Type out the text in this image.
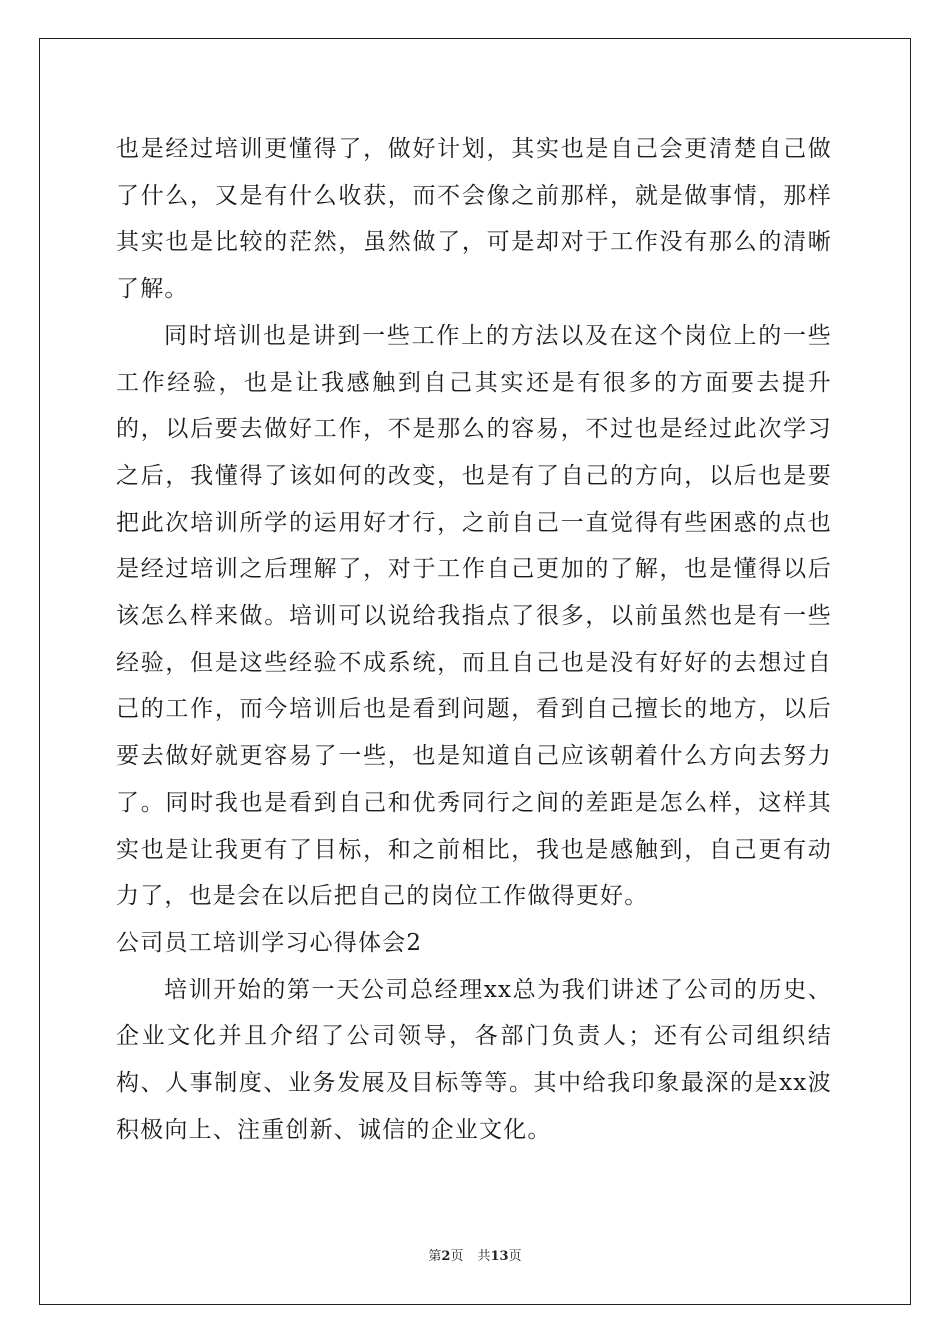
也是经过培训更懂得了，做好计划，其实也是自己会更清楚自己做了什么，又是有什么收获，而不会像之前那样，就是做事情，那样其实也是比较的茫然，虽然做了，可是却对于工作没有那么的清晰了解。

同时培训也是讲到一些工作上的方法以及在这个岗位上的一些工作经验，也是让我感触到自己其实还是有很多的方面要去提升的，以后要去做好工作，不是那么的容易，不过也是经过此次学习之后，我懂得了该如何的改变，也是有了自己的方向，以后也是要把此次培训所学的运用好才行，之前自己一直觉得有些困惑的点也是经过培训之后理解了，对于工作自己更加的了解，也是懂得以后该怎么样来做。培训可以说给我指点了很多，以前虽然也是有一些经验，但是这些经验不成系统，而且自己也是没有好好的去想过自己的工作，而今培训后也是看到问题，看到自己擅长的地方，以后要去做好就更容易了一些，也是知道自己应该朝着什么方向去努力了。同时我也是看到自己和优秀同行之间的差距是怎么样，这样其实也是让我更有了目标，和之前相比，我也是感触到，自己更有动力了，也是会在以后把自己的岗位工作做得更好。

公司员工培训学习心得体会2

培训开始的第一天公司总经理xx总为我们讲述了公司的历史、企业文化并且介绍了公司领导，各部门负责人；还有公司组织结构、人事制度、业务发展及目标等等。其中给我印象最深的是xx波积极向上、注重创新、诚信的企业文化。

第2页 共13页
